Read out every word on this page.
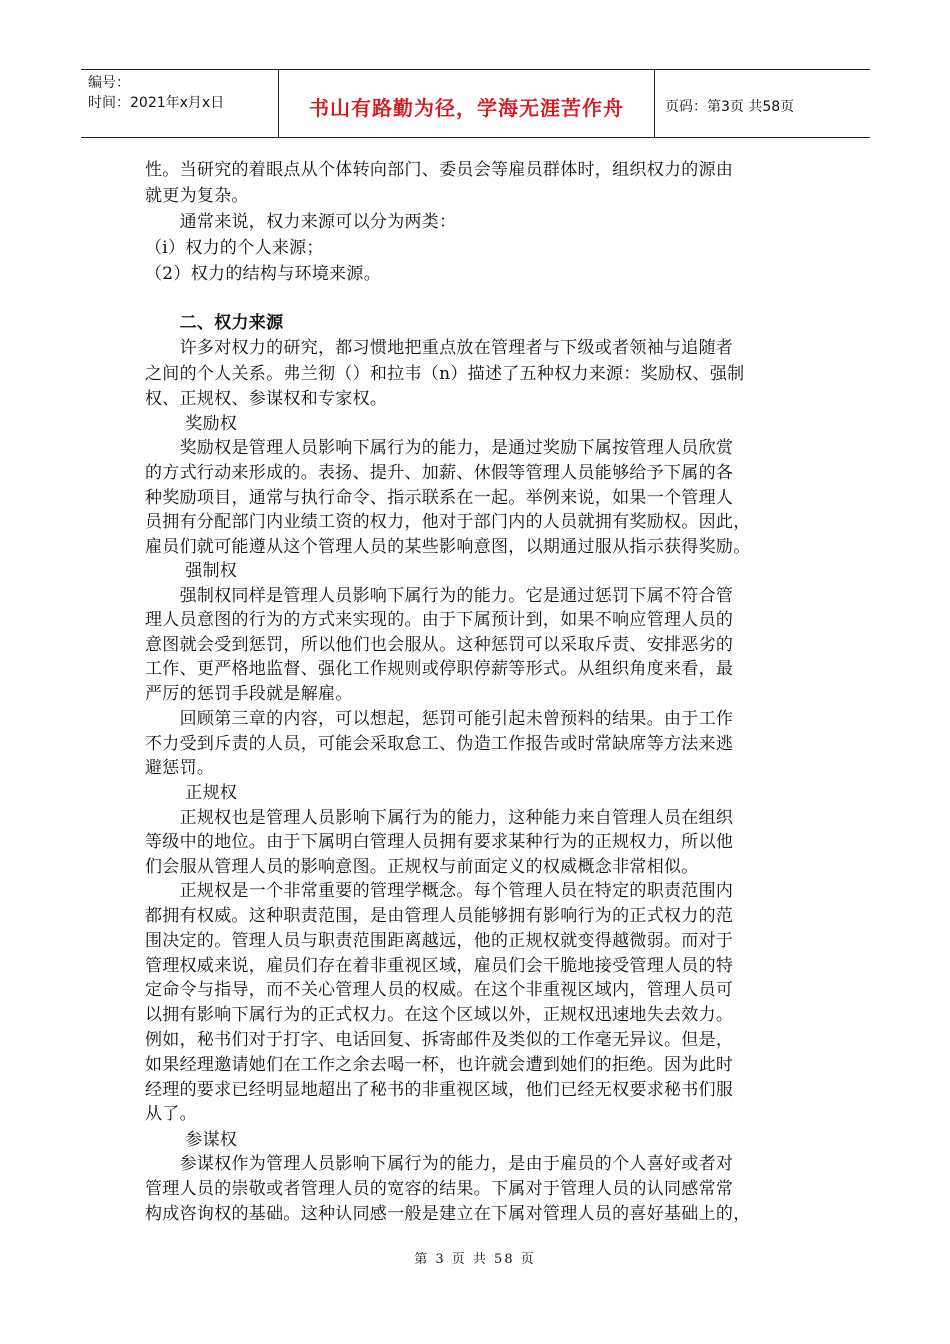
编号：
时间：2021年x月x日	书山有路勤为径，学海无涯苦作舟	页码：第3页 共58页
性。当研究的着眼点从个体转向部门、委员会等雇员群体时，组织权力的源由
就更为复杂。
　　通常来说，权力来源可以分为两类：
（i）权力的个人来源；
（2）权力的结构与环境来源。
　　二、权力来源
　　许多对权力的研究，都习惯地把重点放在管理者与下级或者领袖与追随者
之间的个人关系。弗兰彻（）和拉韦（n）描述了五种权力来源：奖励权、强制
权、正规权、参谋权和专家权。
　　 奖励权
　　奖励权是管理人员影响下属行为的能力，是通过奖励下属按管理人员欣赏
的方式行动来形成的。表扬、提升、加薪、休假等管理人员能够给予下属的各
种奖励项目，通常与执行命令、指示联系在一起。举例来说，如果一个管理人
员拥有分配部门内业绩工资的权力，他对于部门内的人员就拥有奖励权。因此，
雇员们就可能遵从这个管理人员的某些影响意图，以期通过服从指示获得奖励。
　　 强制权
　　强制权同样是管理人员影响下属行为的能力。它是通过惩罚下属不符合管
理人员意图的行为的方式来实现的。由于下属预计到，如果不响应管理人员的
意图就会受到惩罚，所以他们也会服从。这种惩罚可以采取斥责、安排恶劣的
工作、更严格地监督、强化工作规则或停职停薪等形式。从组织角度来看，最
严厉的惩罚手段就是解雇。
　　回顾第三章的内容，可以想起，惩罚可能引起未曾预料的结果。由于工作
不力受到斥责的人员，可能会采取怠工、伪造工作报告或时常缺席等方法来逃
避惩罚。
　　 正规权
　　正规权也是管理人员影响下属行为的能力，这种能力来自管理人员在组织
等级中的地位。由于下属明白管理人员拥有要求某种行为的正规权力，所以他
们会服从管理人员的影响意图。正规权与前面定义的权威概念非常相似。
　　正规权是一个非常重要的管理学概念。每个管理人员在特定的职责范围内
都拥有权威。这种职责范围，是由管理人员能够拥有影响行为的正式权力的范
围决定的。管理人员与职责范围距离越远，他的正规权就变得越微弱。而对于
管理权威来说，雇员们存在着非重视区域，雇员们会干脆地接受管理人员的特
定命令与指导，而不关心管理人员的权威。在这个非重视区域内，管理人员可
以拥有影响下属行为的正式权力。在这个区域以外，正规权迅速地失去效力。
例如，秘书们对于打字、电话回复、拆寄邮件及类似的工作毫无异议。但是，
如果经理邀请她们在工作之余去喝一杯，也许就会遭到她们的拒绝。因为此时
经理的要求已经明显地超出了秘书的非重视区域，他们已经无权要求秘书们服
从了。
　　 参谋权
　　参谋权作为管理人员影响下属行为的能力，是由于雇员的个人喜好或者对
管理人员的崇敬或者管理人员的宽容的结果。下属对于管理人员的认同感常常
构成咨询权的基础。这种认同感一般是建立在下属对管理人员的喜好基础上的，
第 3 页 共 58 页
